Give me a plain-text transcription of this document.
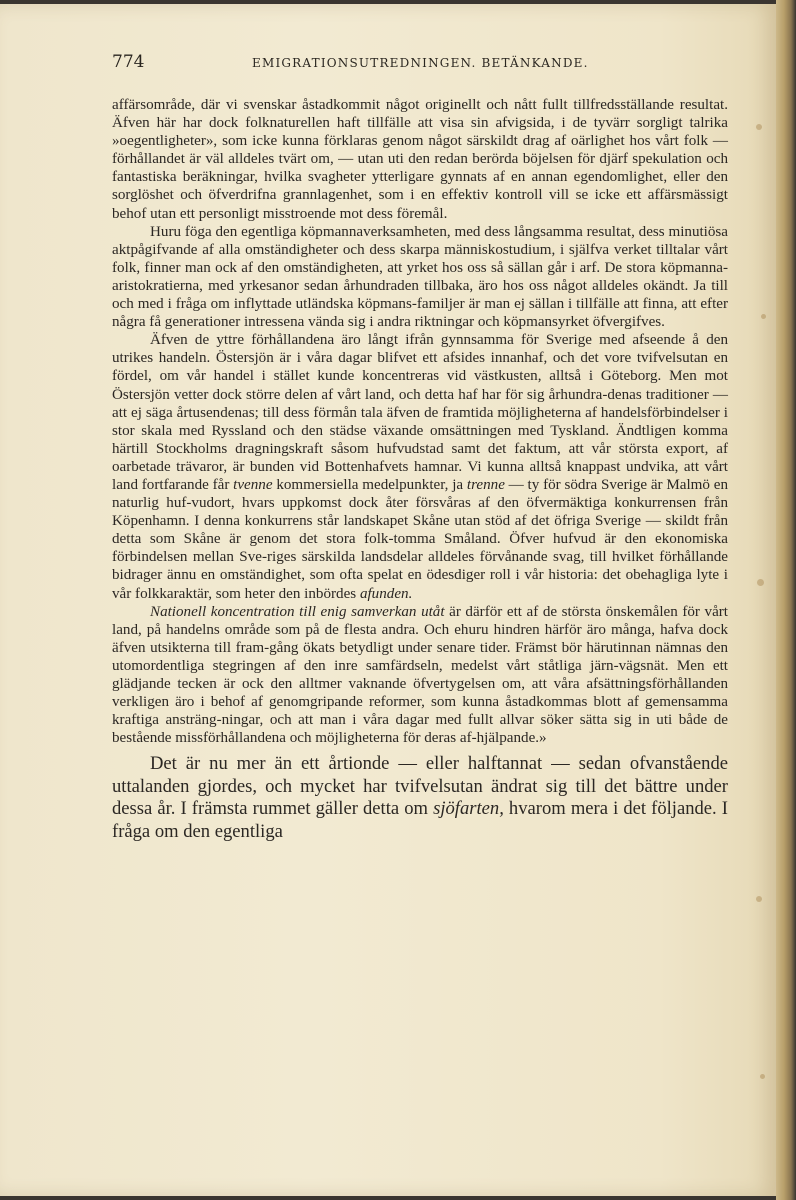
774	EMIGRATIONSUTREDNINGEN. BETÄNKANDE.

affärsområde, där vi svenskar åstadkommit något originellt och nått fullt tillfredsställande resultat. Äfven här har dock folknaturellen haft tillfälle att visa sin afvigsida, i de tyvärr sorgligt talrika »oegentligheter», som icke kunna förklaras genom något särskildt drag af oärlighet hos vårt folk — förhållandet är väl alldeles tvärt om, — utan uti den redan berörda böjelsen för djärf spekulation och fantastiska beräkningar, hvilka svagheter ytterligare gynnats af en annan egendomlighet, eller den sorglöshet och öfverdrifna grannlagenhet, som i en effektiv kontroll vill se icke ett affärsmässigt behof utan ett personligt misstroende mot dess föremål.

Huru föga den egentliga köpmannaverksamheten, med dess långsamma resultat, dess minutiösa aktpågifvande af alla omständigheter och dess skarpa människostudium, i själfva verket tilltalar vårt folk, finner man ock af den omständigheten, att yrket hos oss så sällan går i arf. De stora köpmanna-aristokratierna, med yrkesanor sedan århundraden tillbaka, äro hos oss något alldeles okändt. Ja till och med i fråga om inflyttade utländska köpmans-familjer är man ej sällan i tillfälle att finna, att efter några få generationer intressena vända sig i andra riktningar och köpmansyrket öfvergifves.

Äfven de yttre förhållandena äro långt ifrån gynnsamma för Sverige med afseende å den utrikes handeln. Östersjön är i våra dagar blifvet ett afsides innanhaf, och det vore tvifvelsutan en fördel, om vår handel i stället kunde koncentreras vid västkusten, alltså i Göteborg. Men mot Östersjön vetter dock större delen af vårt land, och detta haf har för sig århundra-denas traditioner — att ej säga årtusendenas; till dess förmån tala äfven de framtida möjligheterna af handelsförbindelser i stor skala med Ryssland och den städse växande omsättningen med Tyskland. Ändtligen komma härtill Stockholms dragningskraft såsom hufvudstad samt det faktum, att vår största export, af oarbetade trävaror, är bunden vid Bottenhafvets hamnar. Vi kunna alltså knappast undvika, att vårt land fortfarande får tvenne kommersiella medelpunkter, ja trenne — ty för södra Sverige är Malmö en naturlig huf-vudort, hvars uppkomst dock åter försvåras af den öfvermäktiga konkurrensen från Köpenhamn. I denna konkurrens står landskapet Skåne utan stöd af det öfriga Sverige — skildt från detta som Skåne är genom det stora folk-tomma Småland. Öfver hufvud är den ekonomiska förbindelsen mellan Sve-riges särskilda landsdelar alldeles förvånande svag, till hvilket förhållande bidrager ännu en omständighet, som ofta spelat en ödesdiger roll i vår historia: det obehagliga lyte i vår folkkaraktär, som heter den inbördes afunden.

Nationell koncentration till enig samverkan utåt är därför ett af de största önskemålen för vårt land, på handelns område som på de flesta andra. Och ehuru hindren härför äro många, hafva dock äfven utsikterna till fram-gång ökats betydligt under senare tider. Främst bör härutinnan nämnas den utomordentliga stegringen af den inre samfärdseln, medelst vårt ståtliga järn-vägsnät. Men ett glädjande tecken är ock den alltmer vaknande öfvertygelsen om, att våra afsättningsförhållanden verkligen äro i behof af genomgripande reformer, som kunna åstadkommas blott af gemensamma kraftiga ansträng-ningar, och att man i våra dagar med fullt allvar söker sätta sig in uti både de bestående missförhållandena och möjligheterna för deras af-hjälpande.»

Det är nu mer än ett årtionde — eller halftannat — sedan ofvanstående uttalanden gjordes, och mycket har tvifvelsutan ändrat sig till det bättre under dessa år. I främsta rummet gäller detta om sjöfarten, hvarom mera i det följande. I fråga om den egentliga
